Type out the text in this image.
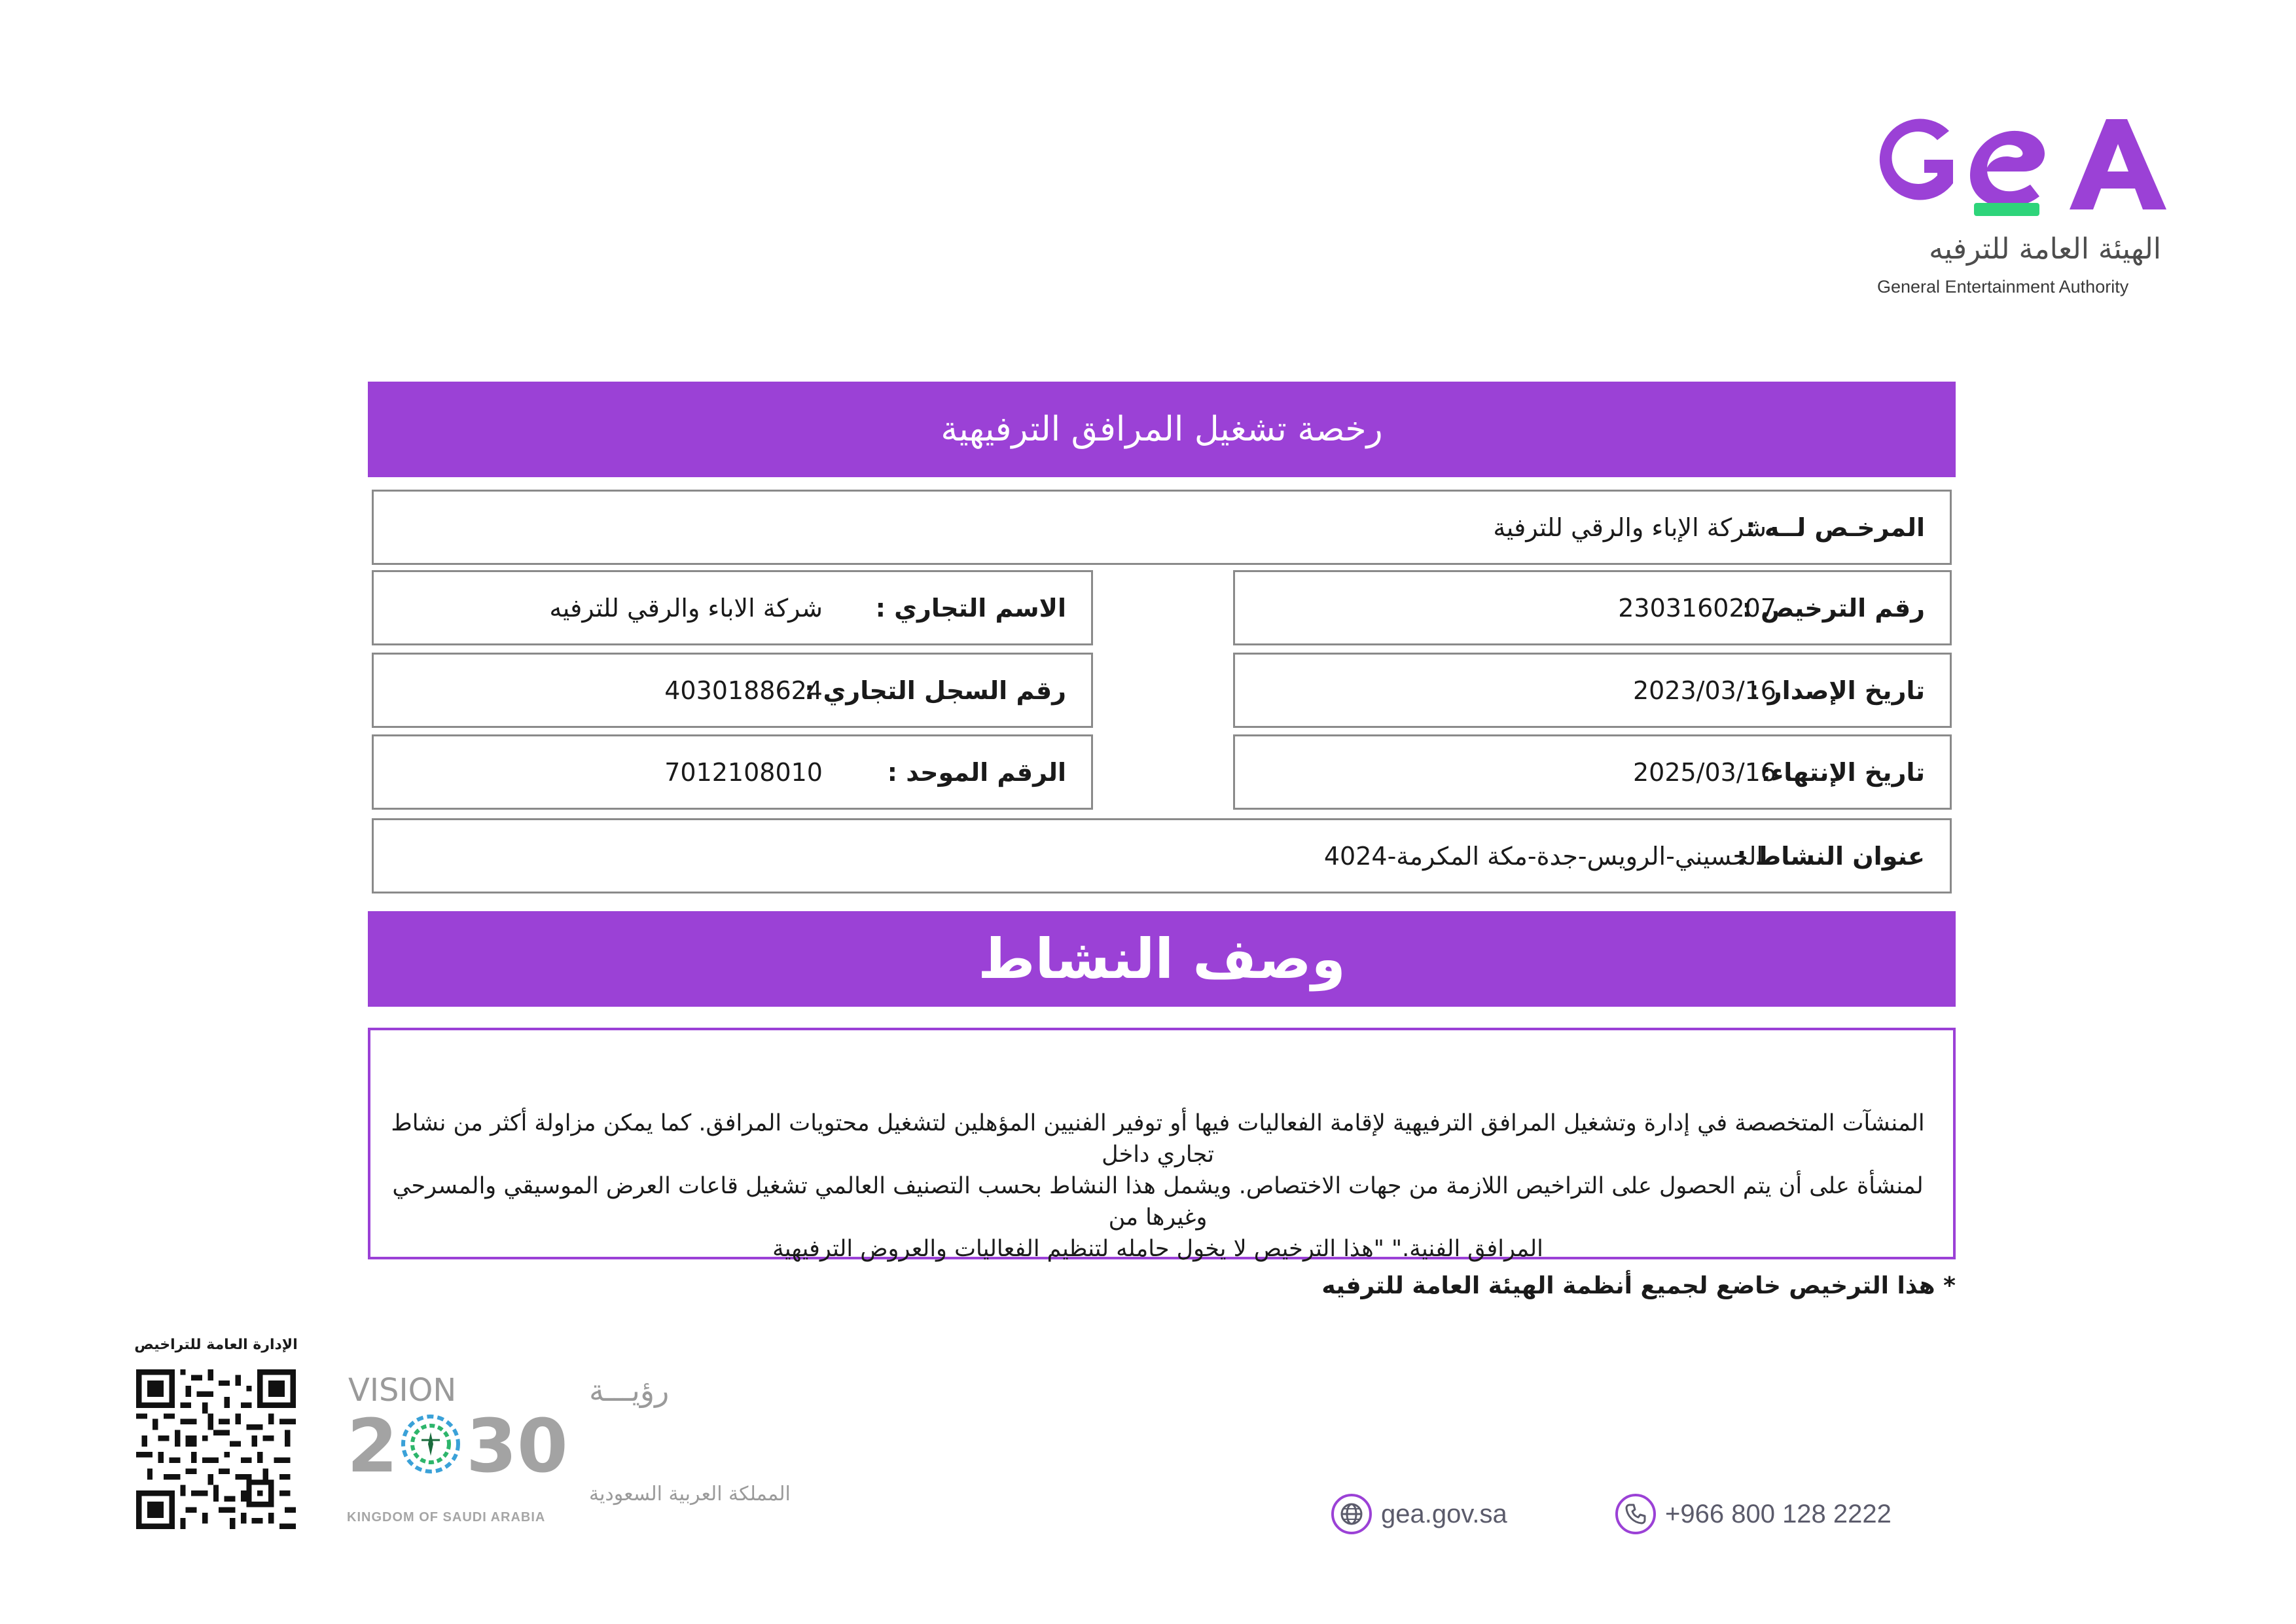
الهيئة العامة للترفيه
General Entertainment Authority
رخصة تشغيل المرافق الترفيهية
المرخـص لــه :
شركة الإباء والرقي للترفية
رقم الترخيص :
2303160207
الاسم التجاري :
شركة الاباء والرقي للترفيه
تاريخ الإصدار :
2023/03/16
رقم السجل التجاري :
4030188624
تاريخ الإنتهاء:
2025/03/16
الرقم الموحد :
7012108010
عنوان النشاط :
الحسيني-الرويس-جدة-مكة المكرمة-4024
وصف النشاط

المنشآت المتخصصة في إدارة وتشغيل المرافق الترفيهية لإقامة الفعاليات فيها أو توفير الفنيين المؤهلين لتشغيل محتويات المرافق. كما يمكن مزاولة أكثر من نشاط تجاري داخل

لمنشأة على أن يتم الحصول على التراخيص اللازمة من جهات الاختصاص. ويشمل هذا النشاط بحسب التصنيف العالمي تشغيل قاعات العرض الموسيقي والمسرحي وغيرها من

المرافق الفنية." "هذا الترخيص لا يخول حامله لتنظيم الفعاليات والعروض الترفيهية

* هذا الترخيص خاضع لجميع أنظمة الهيئة العامة للترفيه
الإدارة العامة للتراخيص
VISION	رؤيـــة
2 30
المملكة العربية السعودية
KINGDOM OF SAUDI ARABIA	gea.gov.sa	+966 800 128 2222
